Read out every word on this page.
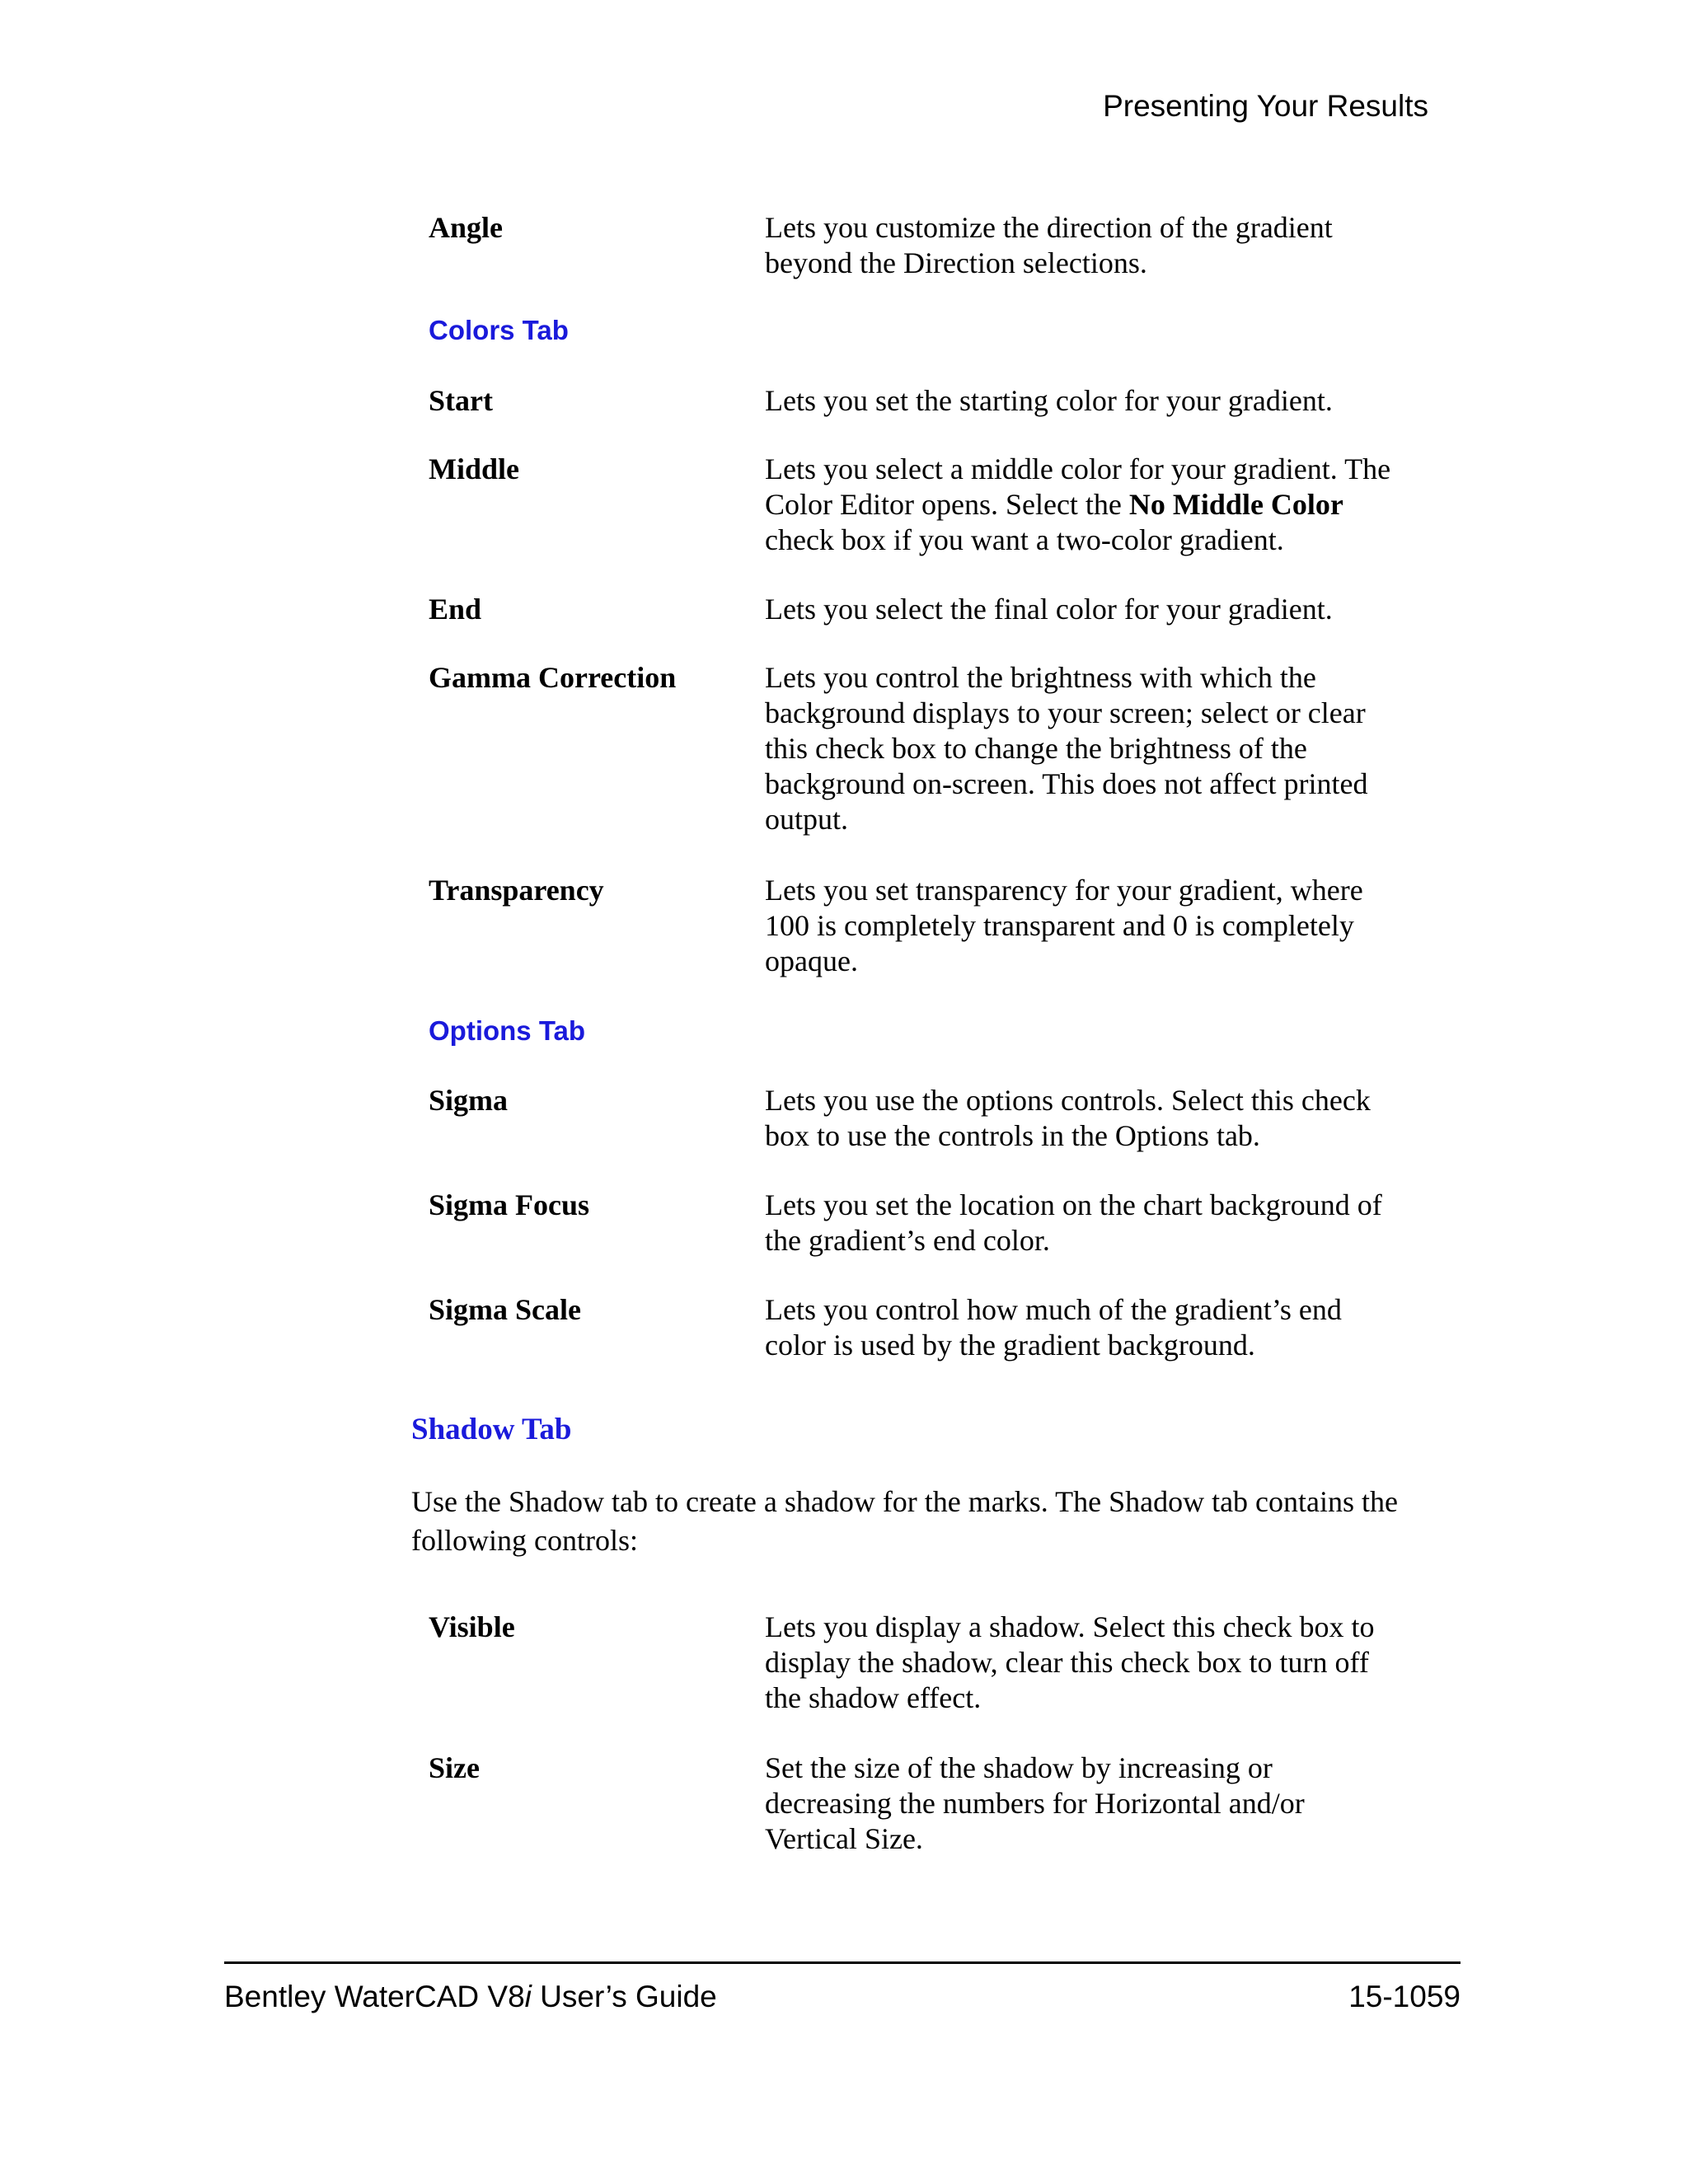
Presenting Your Results
Angle	Lets you customize the direction of the gradient beyond the Direction selections.
Colors Tab
Start	Lets you set the starting color for your gradient.
Middle	Lets you select a middle color for your gradient. The Color Editor opens. Select the No Middle Color check box if you want a two-color gradient.
End	Lets you select the final color for your gradient.
Gamma Correction	Lets you control the brightness with which the background displays to your screen; select or clear this check box to change the brightness of the background on-screen. This does not affect printed output.
Transparency	Lets you set transparency for your gradient, where 100 is completely transparent and 0 is completely opaque.
Options Tab
Sigma	Lets you use the options controls. Select this check box to use the controls in the Options tab.
Sigma Focus	Lets you set the location on the chart background of the gradient’s end color.
Sigma Scale	Lets you control how much of the gradient’s end color is used by the gradient background.
Shadow Tab
Use the Shadow tab to create a shadow for the marks. The Shadow tab contains the following controls:
Visible	Lets you display a shadow. Select this check box to display the shadow, clear this check box to turn off the shadow effect.
Size	Set the size of the shadow by increasing or decreasing the numbers for Horizontal and/or Vertical Size.
Bentley WaterCAD V8i User’s Guide	15-1059
